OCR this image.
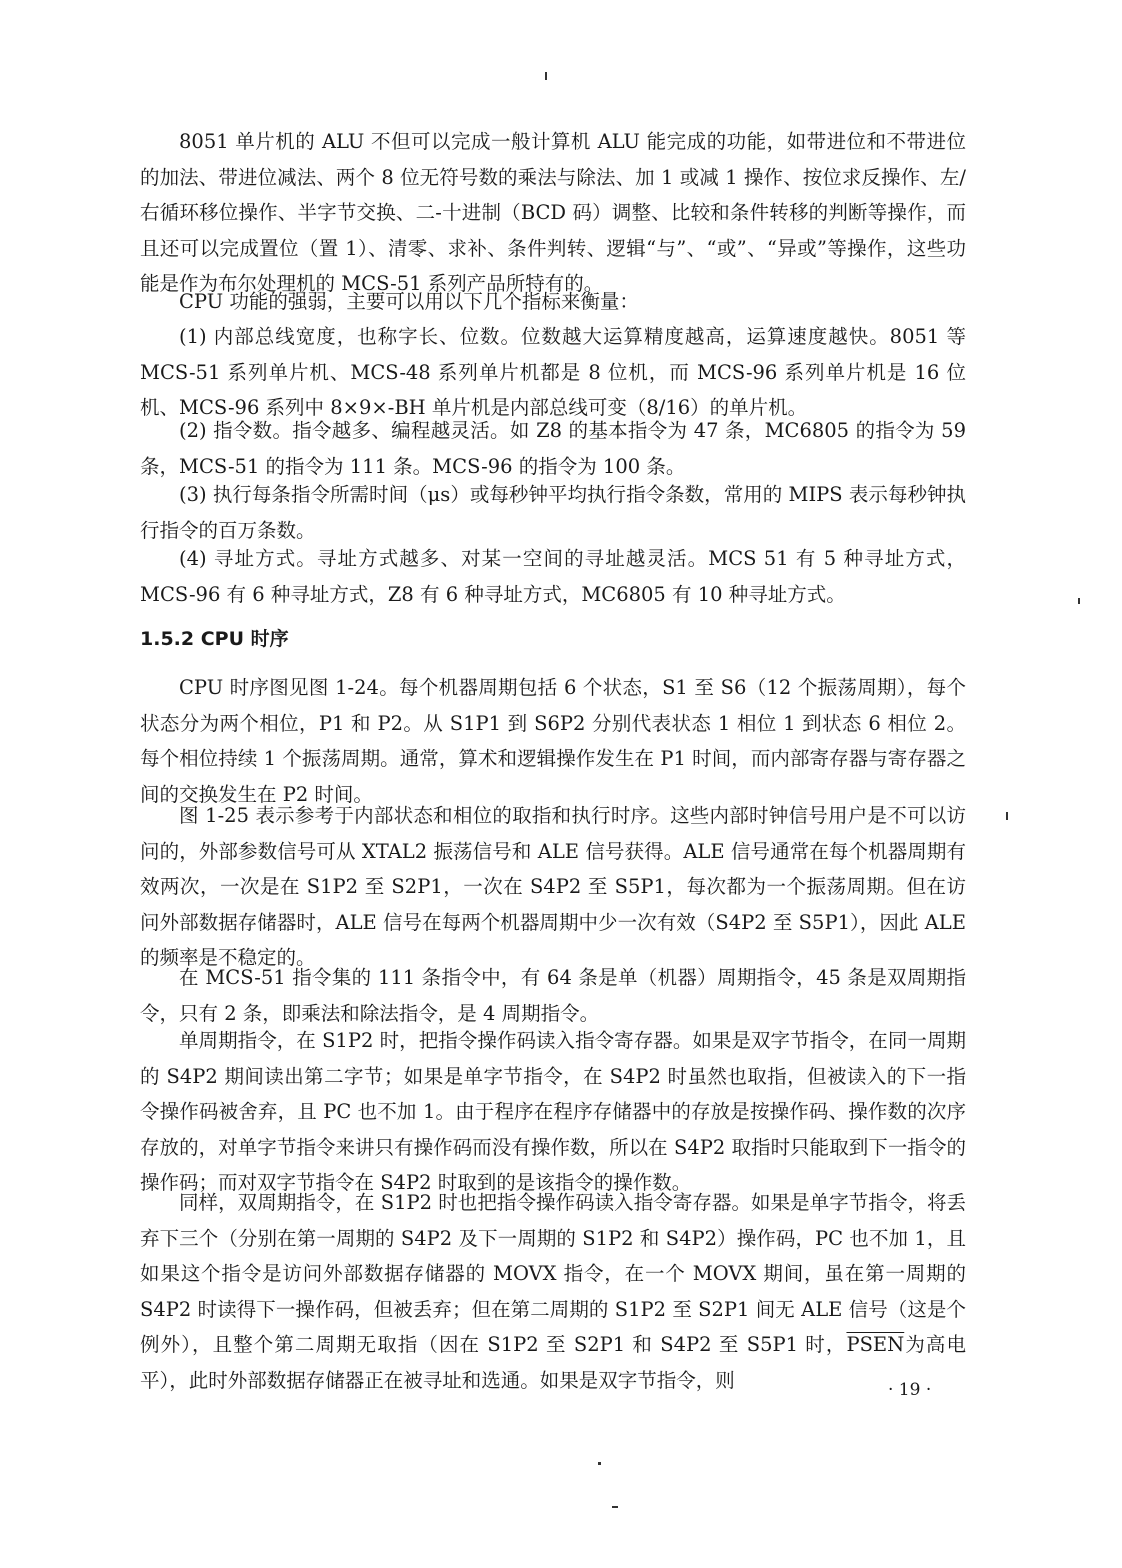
8051 单片机的 ALU 不但可以完成一般计算机 ALU 能完成的功能，如带进位和不带进位的加法、带进位减法、两个 8 位无符号数的乘法与除法、加 1 或减 1 操作、按位求反操作、左/右循环移位操作、半字节交换、二-十进制（BCD 码）调整、比较和条件转移的判断等操作，而且还可以完成置位（置 1）、清零、求补、条件判转、逻辑“与”、“或”、“异或”等操作，这些功能是作为布尔处理机的 MCS-51 系列产品所特有的。

CPU 功能的强弱，主要可以用以下几个指标来衡量：

(1) 内部总线宽度，也称字长、位数。位数越大运算精度越高，运算速度越快。8051 等 MCS-51 系列单片机、MCS-48 系列单片机都是 8 位机，而 MCS-96 系列单片机是 16 位机、MCS-96 系列中 8×9×-BH 单片机是内部总线可变（8/16）的单片机。

(2) 指令数。指令越多、编程越灵活。如 Z8 的基本指令为 47 条，MC6805 的指令为 59 条，MCS-51 的指令为 111 条。MCS-96 的指令为 100 条。

(3) 执行每条指令所需时间（μs）或每秒钟平均执行指令条数，常用的 MIPS 表示每秒钟执行指令的百万条数。

(4) 寻址方式。寻址方式越多、对某一空间的寻址越灵活。MCS 51 有 5 种寻址方式，MCS-96 有 6 种寻址方式，Z8 有 6 种寻址方式，MC6805 有 10 种寻址方式。

1.5.2 CPU 时序

CPU 时序图见图 1-24。每个机器周期包括 6 个状态，S1 至 S6（12 个振荡周期），每个状态分为两个相位，P1 和 P2。从 S1P1 到 S6P2 分别代表状态 1 相位 1 到状态 6 相位 2。每个相位持续 1 个振荡周期。通常，算术和逻辑操作发生在 P1 时间，而内部寄存器与寄存器之间的交换发生在 P2 时间。

图 1-25 表示参考于内部状态和相位的取指和执行时序。这些内部时钟信号用户是不可以访问的，外部参数信号可从 XTAL2 振荡信号和 ALE 信号获得。ALE 信号通常在每个机器周期有效两次，一次是在 S1P2 至 S2P1，一次在 S4P2 至 S5P1，每次都为一个振荡周期。但在访问外部数据存储器时，ALE 信号在每两个机器周期中少一次有效（S4P2 至 S5P1），因此 ALE 的频率是不稳定的。

在 MCS-51 指令集的 111 条指令中，有 64 条是单（机器）周期指令，45 条是双周期指令，只有 2 条，即乘法和除法指令，是 4 周期指令。

单周期指令，在 S1P2 时，把指令操作码读入指令寄存器。如果是双字节指令，在同一周期的 S4P2 期间读出第二字节；如果是单字节指令，在 S4P2 时虽然也取指，但被读入的下一指令操作码被舍弃，且 PC 也不加 1。由于程序在程序存储器中的存放是按操作码、操作数的次序存放的，对单字节指令来讲只有操作码而没有操作数，所以在 S4P2 取指时只能取到下一指令的操作码；而对双字节指令在 S4P2 时取到的是该指令的操作数。

同样，双周期指令，在 S1P2 时也把指令操作码读入指令寄存器。如果是单字节指令，将丢弃下三个（分别在第一周期的 S4P2 及下一周期的 S1P2 和 S4P2）操作码，PC 也不加 1，且如果这个指令是访问外部数据存储器的 MOVX 指令，在一个 MOVX 期间，虽在第一周期的 S4P2 时读得下一操作码，但被丢弃；但在第二周期的 S1P2 至 S2P1 间无 ALE 信号（这是个例外），且整个第二周期无取指（因在 S1P2 至 S2P1 和 S4P2 至 S5P1 时，PSEN为高电平），此时外部数据存储器正在被寻址和选通。如果是双字节指令，则	· 19 ·
